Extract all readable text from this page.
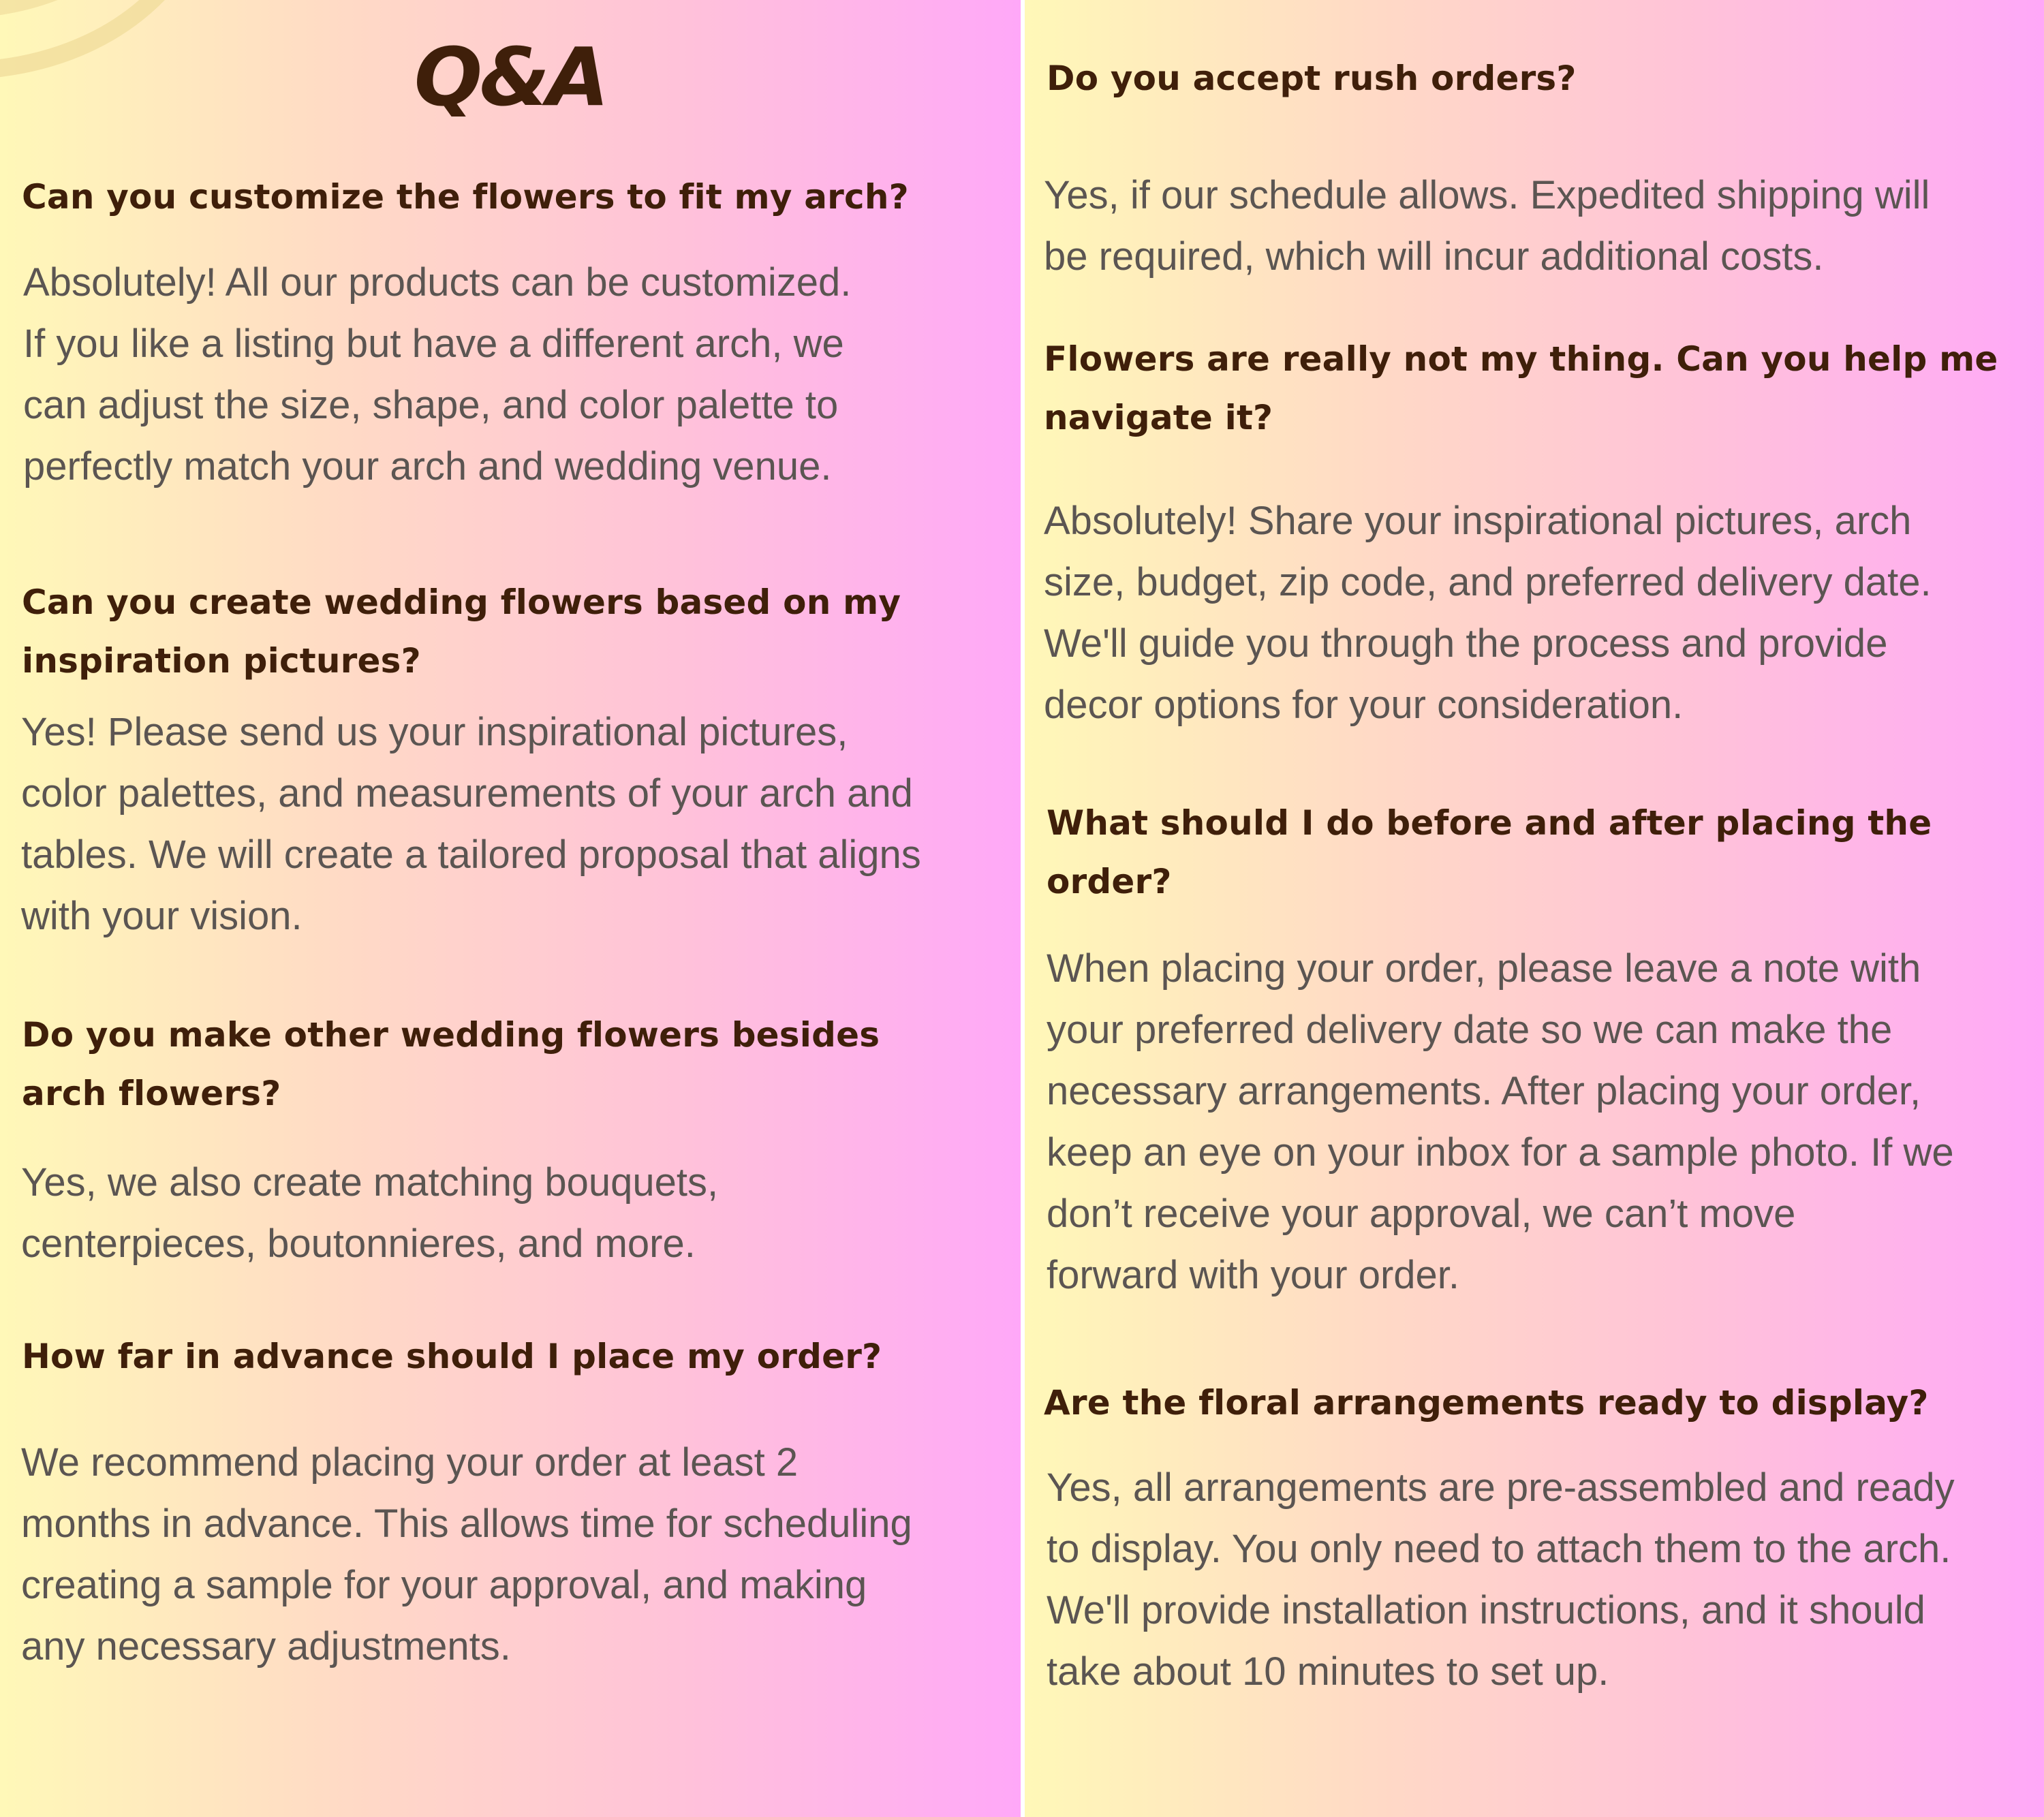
Q&A
Can you customize the flowers to fit my arch?

Absolutely! All our products can be customized.
If you like a listing but have a different arch, we
can adjust the size, shape, and color palette to
perfectly match your arch and wedding venue.

Can you create wedding flowers based on my
inspiration pictures?

Yes! Please send us your inspirational pictures,
color palettes, and measurements of your arch and
tables. We will create a tailored proposal that aligns
with your vision.

Do you make other wedding flowers besides
arch flowers?

Yes, we also create matching bouquets,
centerpieces, boutonnieres, and more.

How far in advance should I place my order?

We recommend placing your order at least 2
months in advance. This allows time for scheduling
creating a sample for your approval, and making
any necessary adjustments.

Do you accept rush orders?

Yes, if our schedule allows. Expedited shipping will
be required, which will incur additional costs.

Flowers are really not my thing. Can you help me
navigate it?

Absolutely! Share your inspirational pictures, arch
size, budget, zip code, and preferred delivery date.
We'll guide you through the process and provide
decor options for your consideration.

What should I do before and after placing the
order?

When placing your order, please leave a note with
your preferred delivery date so we can make the
necessary arrangements. After placing your order,
keep an eye on your inbox for a sample photo. If we
don’t receive your approval, we can’t move
forward with your order.

Are the floral arrangements ready to display?

Yes, all arrangements are pre-assembled and ready
to display. You only need to attach them to the arch.
We'll provide installation instructions, and it should
take about 10 minutes to set up.
